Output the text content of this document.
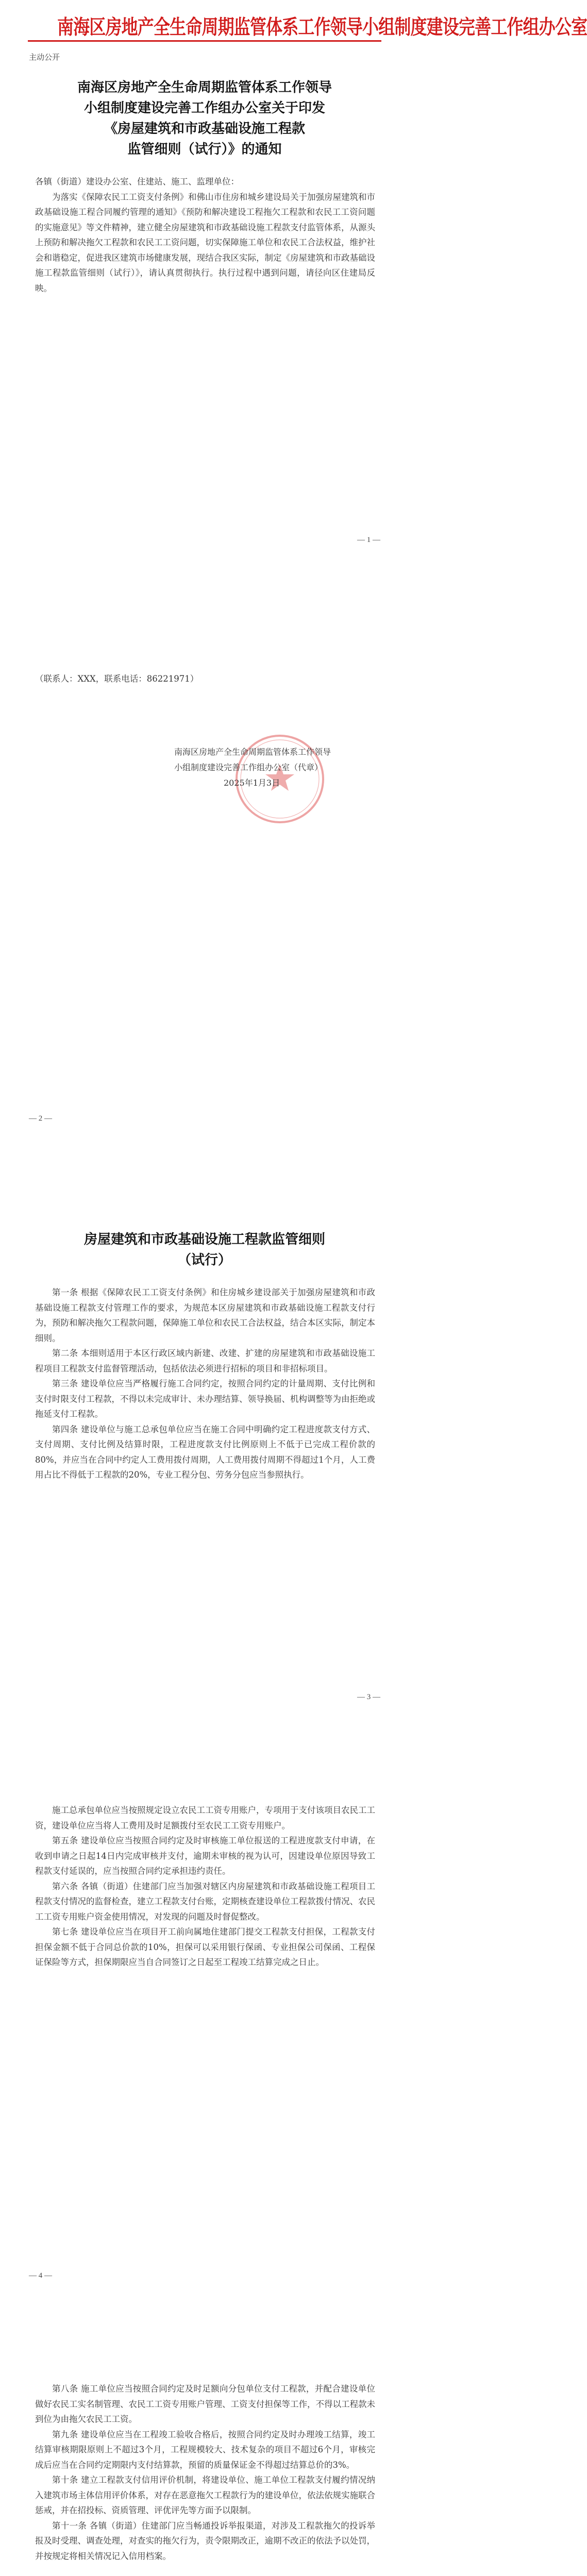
南海区房地产全生命周期监管体系工作领导小组制度建设完善工作组办公室
主动公开
南海区房地产全生命周期监管体系工作领导
小组制度建设完善工作组办公室关于印发
《房屋建筑和市政基础设施工程款
监管细则（试行）》的通知

各镇（街道）建设办公室、住建站、施工、监理单位：

为落实《保障农民工工资支付条例》和佛山市住房和城乡建设局关于加强房屋建筑和市政基础设施工程合同履约管理的通知》《预防和解决建设工程拖欠工程款和农民工工资问题的实施意见》等文件精神，建立健全房屋建筑和市政基础设施工程款支付监管体系，从源头上预防和解决拖欠工程款和农民工工资问题，切实保障施工单位和农民工合法权益，维护社会和谐稳定，促进我区建筑市场健康发展，现结合我区实际，制定《房屋建筑和市政基础设施工程款监管细则（试行）》，请认真贯彻执行。执行过程中遇到问题，请径向区住建局反映。

— 1 —

（联系人：XXX，联系电话：86221971）

南海区房地产全生命周期监管体系工作领导
小组制度建设完善工作组办公室（代章）
2025年1月3日
— 2 —
房屋建筑和市政基础设施工程款监管细则
（试行）

第一条 根据《保障农民工工资支付条例》和住房城乡建设部关于加强房屋建筑和市政基础设施工程款支付管理工作的要求，为规范本区房屋建筑和市政基础设施工程款支付行为，预防和解决拖欠工程款问题，保障施工单位和农民工合法权益，结合本区实际，制定本细则。

第二条 本细则适用于本区行政区域内新建、改建、扩建的房屋建筑和市政基础设施工程项目工程款支付监督管理活动，包括依法必须进行招标的项目和非招标项目。

第三条 建设单位应当严格履行施工合同约定，按照合同约定的计量周期、支付比例和支付时限支付工程款，不得以未完成审计、未办理结算、领导换届、机构调整等为由拒绝或拖延支付工程款。

第四条 建设单位与施工总承包单位应当在施工合同中明确约定工程进度款支付方式、支付周期、支付比例及结算时限，工程进度款支付比例原则上不低于已完成工程价款的80%，并应当在合同中约定人工费用拨付周期，人工费用拨付周期不得超过1个月，人工费用占比不得低于工程款的20%，专业工程分包、劳务分包应当参照执行。

— 3 —

施工总承包单位应当按照规定设立农民工工资专用账户，专项用于支付该项目农民工工资，建设单位应当将人工费用及时足额拨付至农民工工资专用账户。

第五条 建设单位应当按照合同约定及时审核施工单位报送的工程进度款支付申请，在收到申请之日起14日内完成审核并支付，逾期未审核的视为认可，因建设单位原因导致工程款支付延误的，应当按照合同约定承担违约责任。

第六条 各镇（街道）住建部门应当加强对辖区内房屋建筑和市政基础设施工程项目工程款支付情况的监督检查，建立工程款支付台账，定期核查建设单位工程款拨付情况、农民工工资专用账户资金使用情况，对发现的问题及时督促整改。

第七条 建设单位应当在项目开工前向属地住建部门提交工程款支付担保，工程款支付担保金额不低于合同总价款的10%，担保可以采用银行保函、专业担保公司保函、工程保证保险等方式，担保期限应当自合同签订之日起至工程竣工结算完成之日止。

— 4 —

第八条 施工单位应当按照合同约定及时足额向分包单位支付工程款，并配合建设单位做好农民工实名制管理、农民工工资专用账户管理、工资支付担保等工作，不得以工程款未到位为由拖欠农民工工资。

第九条 建设单位应当在工程竣工验收合格后，按照合同约定及时办理竣工结算，竣工结算审核期限原则上不超过3个月，工程规模较大、技术复杂的项目不超过6个月，审核完成后应当在合同约定期限内支付结算款，预留的质量保证金不得超过结算总价的3%。

第十条 建立工程款支付信用评价机制，将建设单位、施工单位工程款支付履约情况纳入建筑市场主体信用评价体系，对存在恶意拖欠工程款行为的建设单位，依法依规实施联合惩戒，并在招投标、资质管理、评优评先等方面予以限制。

第十一条 各镇（街道）住建部门应当畅通投诉举报渠道，对涉及工程款拖欠的投诉举报及时受理、调查处理，对查实的拖欠行为，责令限期改正，逾期不改正的依法予以处罚，并按规定将相关情况记入信用档案。
